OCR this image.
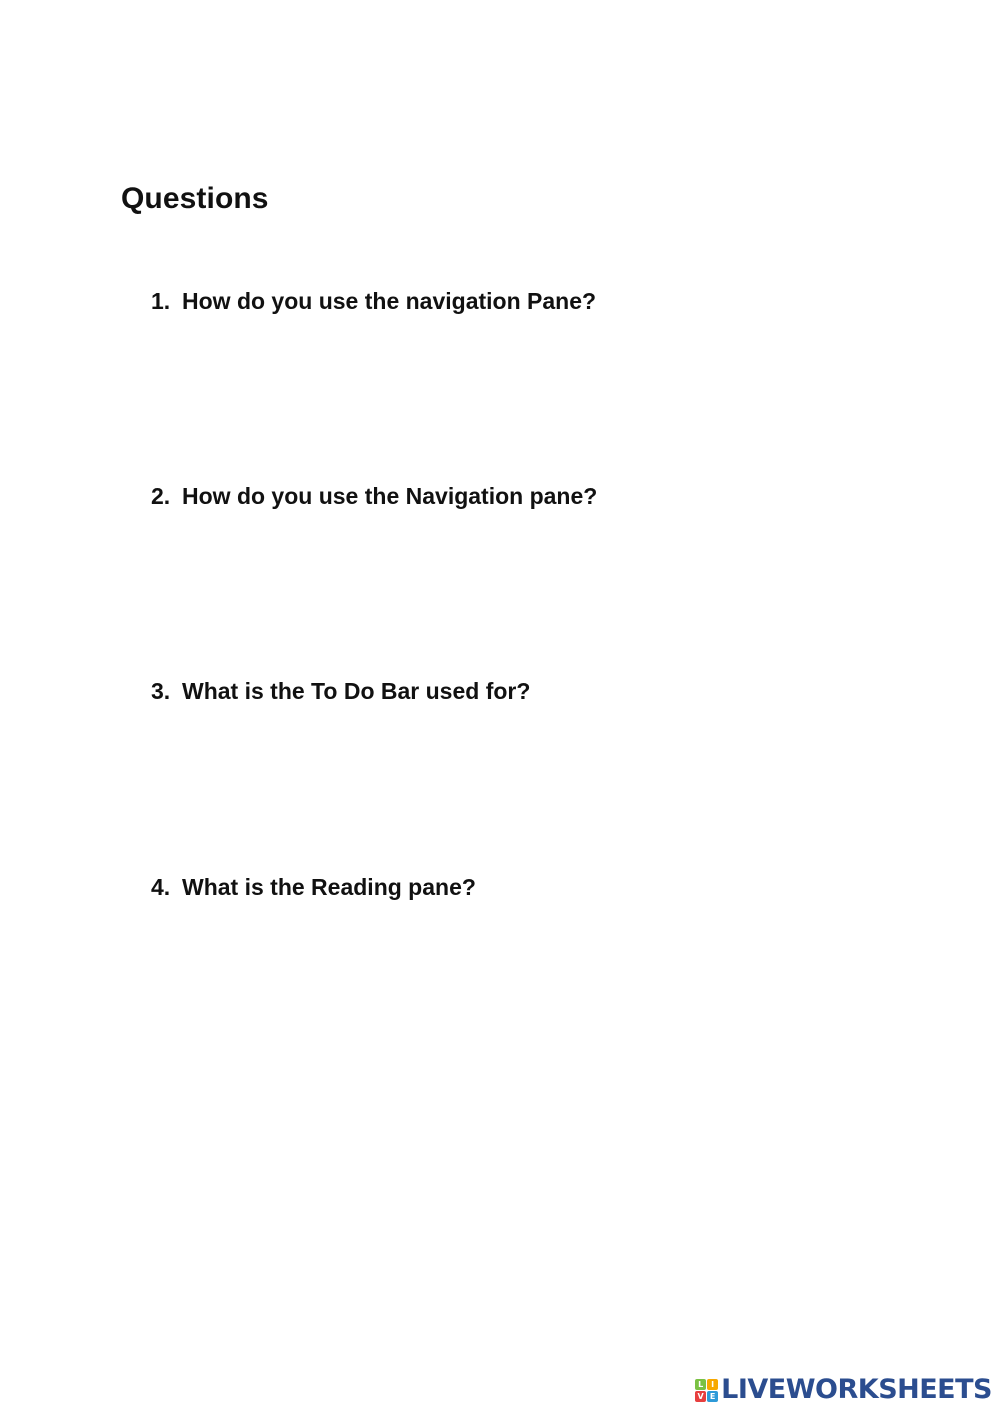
Questions
1. How do you use the navigation Pane?
2. How do you use the Navigation pane?
3. What is the To Do Bar used for?
4. What is the Reading pane?
L I
V E LIVEWORKSHEETS
